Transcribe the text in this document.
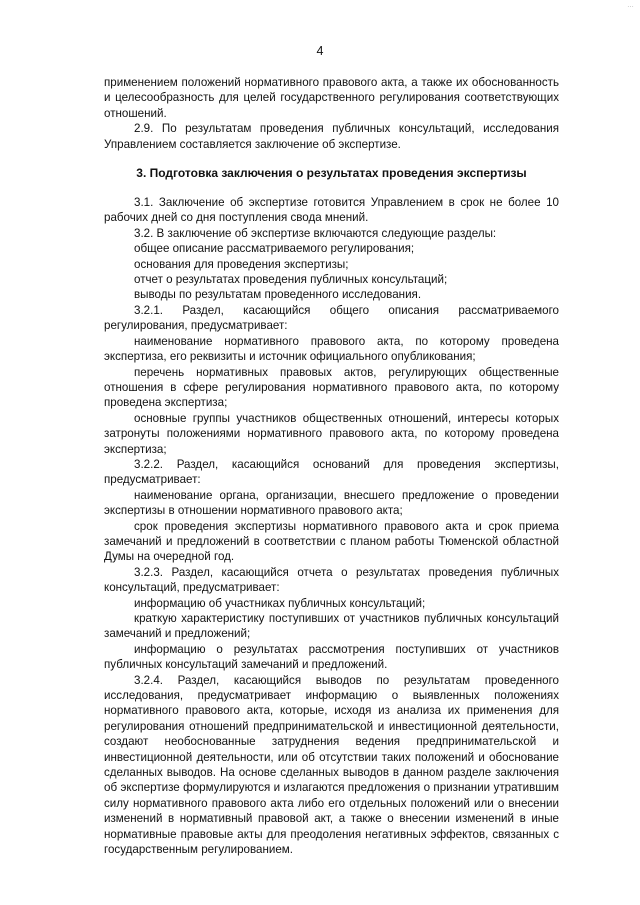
…
4

применением положений нормативного правового акта, а также их обоснованность и целесообразность для целей государственного регулирования соответствующих отношений.

2.9. По результатам проведения публичных консультаций, исследования Управлением составляется заключение об экспертизе.

3. Подготовка заключения о результатах проведения экспертизы

3.1. Заключение об экспертизе готовится Управлением в срок не более 10 рабочих дней со дня поступления свода мнений.

3.2. В заключение об экспертизе включаются следующие разделы:

общее описание рассматриваемого регулирования;

основания для проведения экспертизы;

отчет о результатах проведения публичных консультаций;

выводы по результатам проведенного исследования.

3.2.1. Раздел, касающийся общего описания рассматриваемого регулирования, предусматривает:

наименование нормативного правового акта, по которому проведена экспертиза, его реквизиты и источник официального опубликования;

перечень нормативных правовых актов, регулирующих общественные отношения в сфере регулирования нормативного правового акта, по которому проведена экспертиза;

основные группы участников общественных отношений, интересы которых затронуты положениями нормативного правового акта, по которому проведена экспертиза;

3.2.2. Раздел, касающийся оснований для проведения экспертизы, предусматривает:

наименование органа, организации, внесшего предложение о проведении экспертизы в отношении нормативного правового акта;

срок проведения экспертизы нормативного правового акта и срок приема замечаний и предложений в соответствии с планом работы Тюменской областной Думы на очередной год.

3.2.3. Раздел, касающийся отчета о результатах проведения публичных консультаций, предусматривает:

информацию об участниках публичных консультаций;

краткую характеристику поступивших от участников публичных консультаций замечаний и предложений;

информацию о результатах рассмотрения поступивших от участников публичных консультаций замечаний и предложений.

3.2.4. Раздел, касающийся выводов по результатам проведенного исследования, предусматривает информацию о выявленных положениях нормативного правового акта, которые, исходя из анализа их применения для регулирования отношений предпринимательской и инвестиционной деятельности, создают необоснованные затруднения ведения предпринимательской и инвестиционной деятельности, или об отсутствии таких положений и обоснование сделанных выводов. На основе сделанных выводов в данном разделе заключения об экспертизе формулируются и излагаются предложения о признании утратившим силу нормативного правового акта либо его отдельных положений или о внесении изменений в нормативный правовой акт, а также о внесении изменений в иные нормативные правовые акты для преодоления негативных эффектов, связанных с государственным регулированием.
